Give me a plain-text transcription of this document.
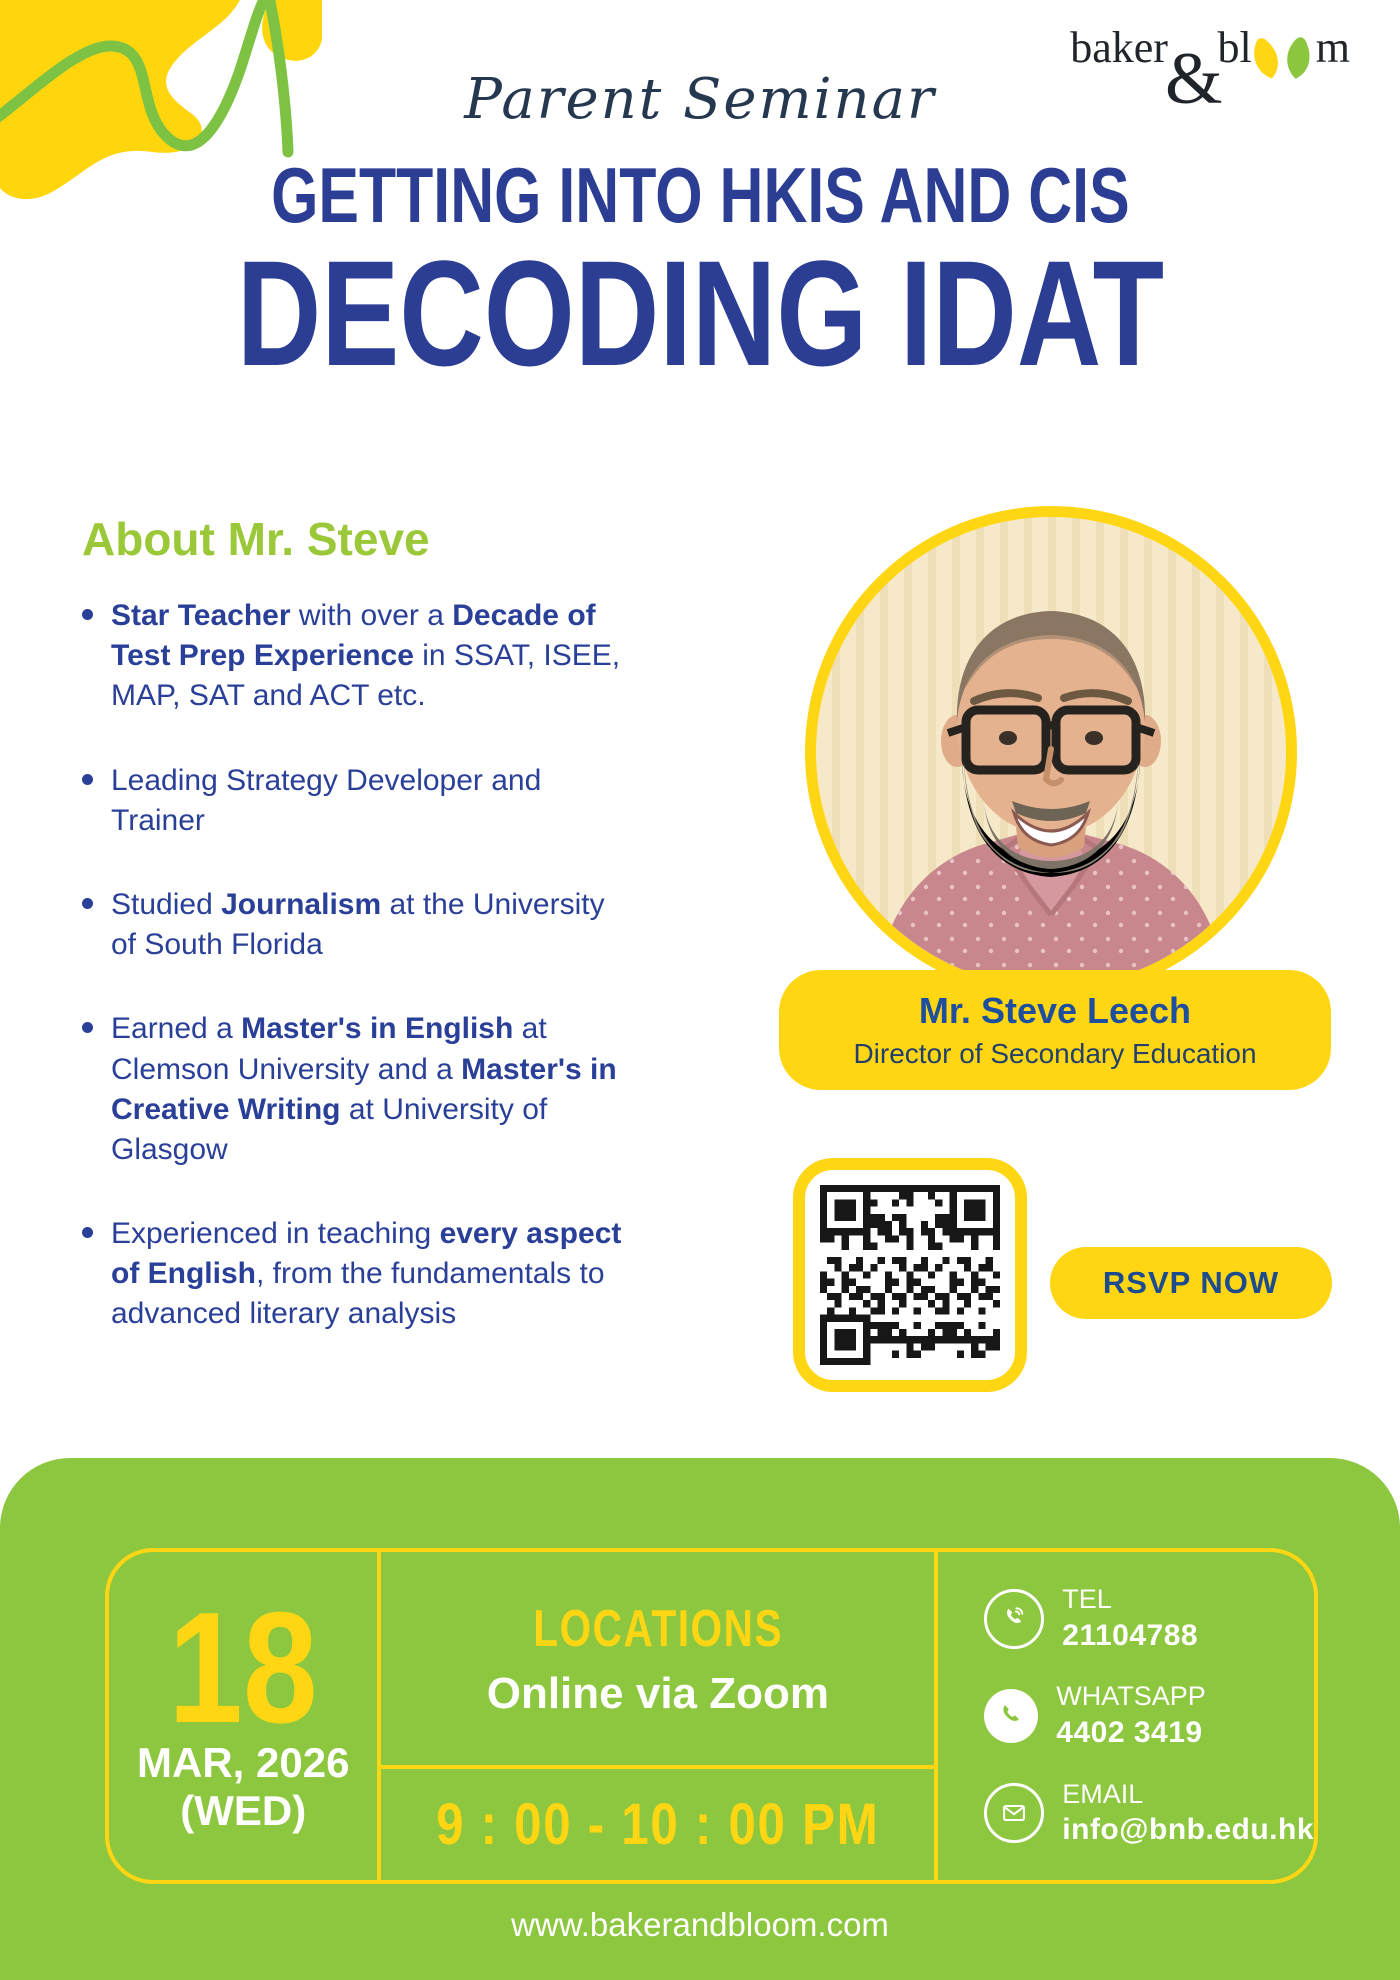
baker
&
bl m
Parent Seminar
GETTING INTO HKIS AND CIS
DECODING IDAT
About Mr. Steve

Star Teacher with over a Decade of Test Prep Experience in SSAT, ISEE, MAP, SAT and ACT etc.

Leading Strategy Developer and Trainer

Studied Journalism at the University of South Florida

Earned a Master's in English at Clemson University and a Master's in Creative Writing at University of Glasgow

Experienced in teaching every aspect of English, from the fundamentals to advanced literary analysis

Mr. Steve Leech
Director of Secondary Education
RSVP NOW
18
MAR, 2026
(WED)
LOCATIONS
Online via Zoom
9 : 00 - 10 : 00 PM
TEL
21104788
WHATSAPP
4402 3419
EMAIL
info@bnb.edu.hk
www.bakerandbloom.com
